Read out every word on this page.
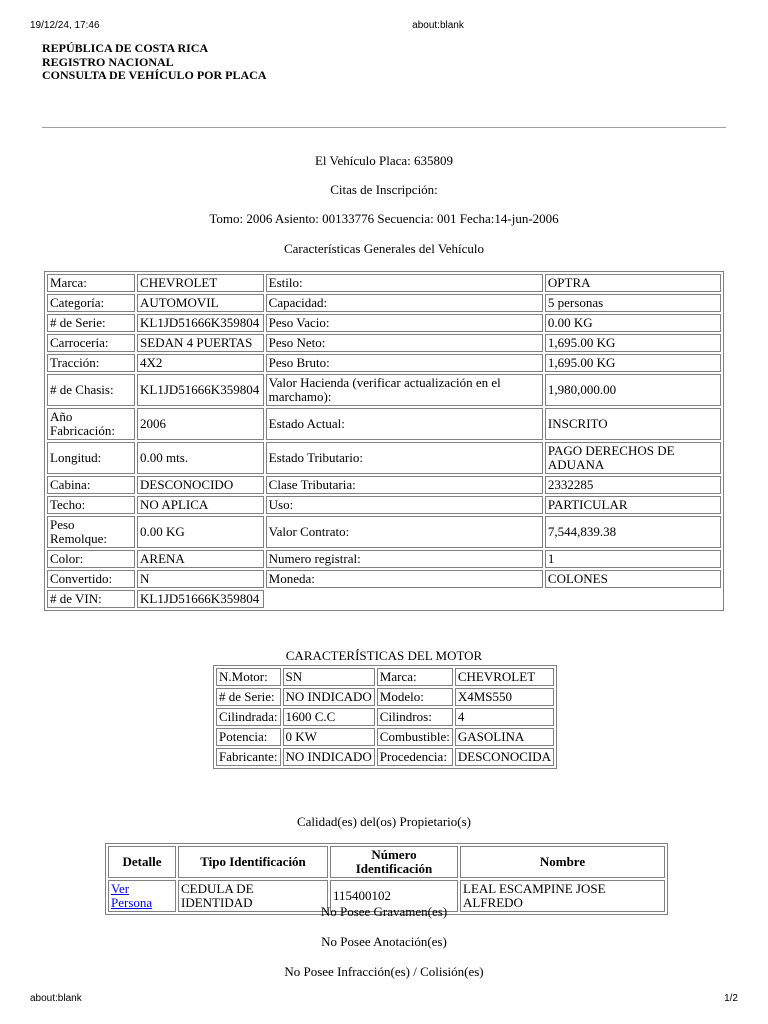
19/12/24, 17:46	about:blank
REPÚBLICA DE COSTA RICA
REGISTRO NACIONAL
CONSULTA DE VEHÍCULO POR PLACA
El Vehículo Placa: 635809
Citas de Inscripción:
Tomo: 2006 Asiento: 00133776 Secuencia: 001 Fecha:14-jun-2006
Características Generales del Vehículo
Marca:	CHEVROLET	Estilo:	OPTRA
Categoría:	AUTOMOVIL	Capacidad:	5 personas
# de Serie:	KL1JD51666K359804	Peso Vacio:	0.00 KG
Carroceria:	SEDAN 4 PUERTAS	Peso Neto:	1,695.00 KG
Tracción:	4X2	Peso Bruto:	1,695.00 KG
# de Chasis:	KL1JD51666K359804	Valor Hacienda (verificar actualización en el marchamo):	1,980,000.00
Año Fabricación:	2006	Estado Actual:	INSCRITO
Longitud:	0.00 mts.	Estado Tributario:	PAGO DERECHOS DE ADUANA
Cabina:	DESCONOCIDO	Clase Tributaria:	2332285
Techo:	NO APLICA	Uso:	PARTICULAR
Peso Remolque:	0.00 KG	Valor Contrato:	7,544,839.38
Color:	ARENA	Numero registral:	1
Convertido:	N	Moneda:	COLONES
# de VIN:	KL1JD51666K359804		
CARACTERÍSTICAS DEL MOTOR
N.Motor:	SN	Marca:	CHEVROLET
# de Serie:	NO INDICADO	Modelo:	X4MS550
Cilindrada:	1600 C.C	Cilindros:	4
Potencia:	0 KW	Combustible:	GASOLINA
Fabricante:	NO INDICADO	Procedencia:	DESCONOCIDA
Calidad(es) del(os) Propietario(s)
Detalle	Tipo Identificación	Número Identificación	Nombre
Ver Persona	CEDULA DE IDENTIDAD	115400102	LEAL ESCAMPINE JOSE ALFREDO
No Posee Gravamen(es)
No Posee Anotación(es)
No Posee Infracción(es) / Colisión(es)
about:blank	1/2
